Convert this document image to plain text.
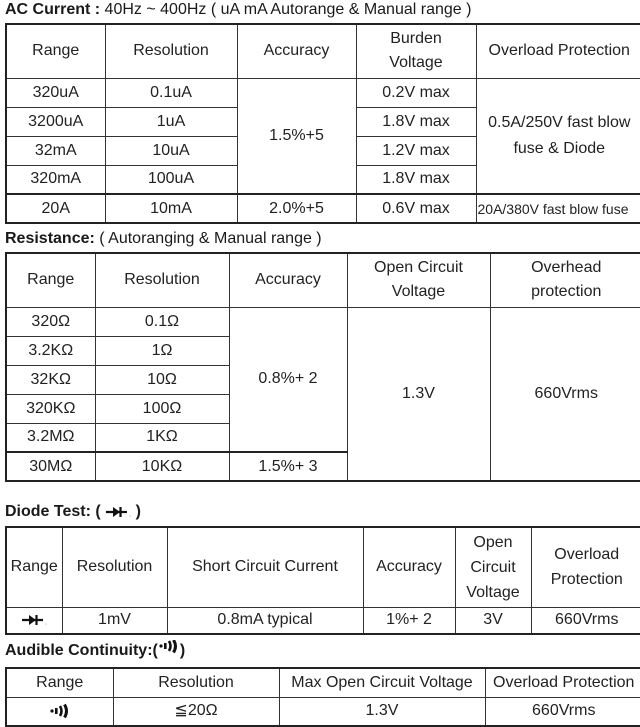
AC Current : 40Hz ~ 400Hz ( uA mA Autorange & Manual range )
Range	Resolution	Accuracy	Burden Voltage	Overload Protection
320uA	0.1uA	1.5%+5	0.2V max	0.5A/250V fast blow fuse & Diode
3200uA	1uA		1.8V max	
32mA	10uA		1.2V max	
320mA	100uA		1.8V max	
20A	10mA	2.0%+5	0.6V max	20A/380V fast blow fuse
Resistance: ( Autoranging & Manual range )
Range	Resolution	Accuracy	Open Circuit Voltage	Overhead protection
320Ω	0.1Ω	0.8%+ 2	1.3V	660Vrms
3.2KΩ	1Ω			
32KΩ	10Ω			
320KΩ	100Ω			
3.2MΩ	1KΩ			
30MΩ	10KΩ	1.5%+ 3		
Diode Test: ( )
Range	Resolution	Short Circuit Current	Accuracy	Open Circuit Voltage	Overload Protection
	1mV	0.8mA typical	1%+ 2	3V	660Vrms
Audible Continuity:( )
Range	Resolution	Max Open Circuit Voltage	Overload Protection
	≦20Ω	1.3V	660Vrms
